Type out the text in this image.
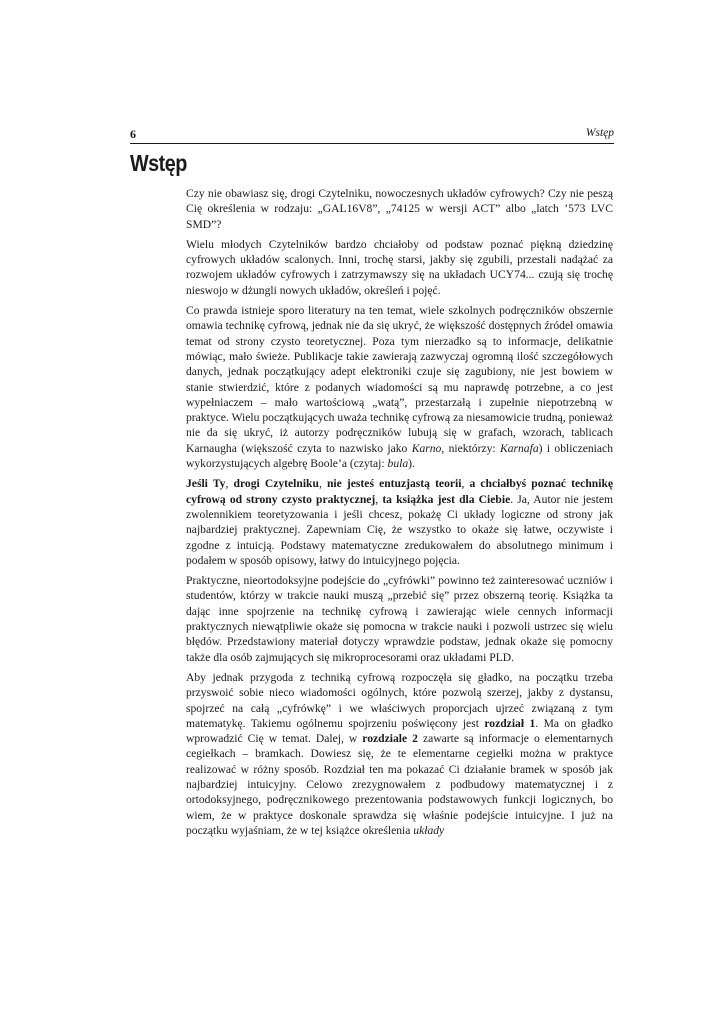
6	Wstęp
Wstęp

Czy nie obawiasz się, drogi Czytelniku, nowoczesnych układów cyfrowych? Czy nie peszą Cię określenia w rodzaju: „GAL16V8”, „74125 w wersji ACT” albo „latch ’573 LVC SMD”?

Wielu młodych Czytelników bardzo chciałoby od podstaw poznać piękną dziedzinę cyfrowych układów scalonych. Inni, trochę starsi, jakby się zgubili, przestali nadążać za rozwojem układów cyfrowych i zatrzymawszy się na układach UCY74... czują się trochę nieswojo w dżungli nowych układów, określeń i pojęć.

Co prawda istnieje sporo literatury na ten temat, wiele szkolnych podręczników obszernie omawia technikę cyfrową, jednak nie da się ukryć, że większość dostępnych źródeł omawia temat od strony czysto teoretycznej. Poza tym nierzadko są to informacje, delikatnie mówiąc, mało świeże. Publikacje takie zawierają zazwyczaj ogromną ilość szczegółowych danych, jednak początkujący adept elektroniki czuje się zagubiony, nie jest bowiem w stanie stwierdzić, które z podanych wiadomości są mu naprawdę potrzebne, a co jest wypełniaczem – mało wartościową „watą”, przestarzałą i zupełnie niepotrzebną w praktyce. Wielu początkujących uważa technikę cyfrową za niesamowicie trudną, ponieważ nie da się ukryć, iż autorzy podręczników lubują się w grafach, wzorach, tablicach Karnaugha (większość czyta to nazwisko jako Karno, niektórzy: Karnafa) i obliczeniach wykorzystujących algebrę Boole’a (czytaj: bula).

Jeśli Ty, drogi Czytelniku, nie jesteś entuzjastą teorii, a chciałbyś poznać technikę cyfrową od strony czysto praktycznej, ta książka jest dla Ciebie. Ja, Autor nie jestem zwolennikiem teoretyzowania i jeśli chcesz, pokażę Ci układy logiczne od strony jak najbardziej praktycznej. Zapewniam Cię, że wszystko to okaże się łatwe, oczywiste i zgodne z intuicją. Podstawy matematyczne zredukowałem do absolutnego minimum i podałem w sposób opisowy, łatwy do intuicyjnego pojęcia.

Praktyczne, nieortodoksyjne podejście do „cyfrówki” powinno też zainteresować uczniów i studentów, którzy w trakcie nauki muszą „przebić się” przez obszerną teorię. Książka ta dając inne spojrzenie na technikę cyfrową i zawierając wiele cennych informacji praktycznych niewątpliwie okaże się pomocna w trakcie nauki i pozwoli ustrzec się wielu błędów. Przedstawiony materiał dotyczy wprawdzie podstaw, jednak okaże się pomocny także dla osób zajmujących się mikroprocesorami oraz układami PLD.

Aby jednak przygoda z techniką cyfrową rozpoczęła się gładko, na początku trzeba przyswoić sobie nieco wiadomości ogólnych, które pozwolą szerzej, jakby z dystansu, spojrzeć na całą „cyfrówkę” i we właściwych proporcjach ujrzeć związaną z tym matematykę. Takiemu ogólnemu spojrzeniu poświęcony jest rozdział 1. Ma on gładko wprowadzić Cię w temat. Dalej, w rozdziale 2 zawarte są informacje o elementarnych cegiełkach – bramkach. Dowiesz się, że te elementarne cegiełki można w praktyce realizować w różny sposób. Rozdział ten ma pokazać Ci działanie bramek w sposób jak najbardziej intuicyjny. Celowo zrezygnowałem z podbudowy matematycznej i z ortodoksyjnego, podręcznikowego prezentowania podstawowych funkcji logicznych, bo wiem, że w praktyce doskonale sprawdza się właśnie podejście intuicyjne. I już na początku wyjaśniam, że w tej książce określenia układy
